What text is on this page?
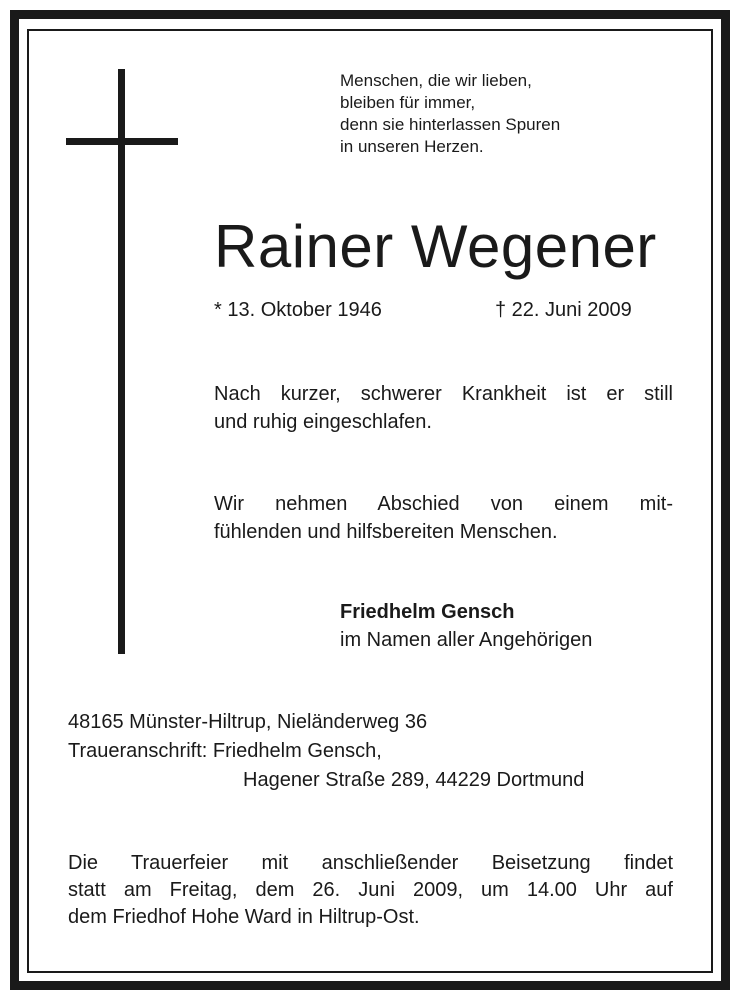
Menschen, die wir lieben,
bleiben für immer,
denn sie hinterlassen Spuren
in unseren Herzen.
Rainer Wegener
* 13. Oktober 1946	† 22. Juni 2009
Nach kurzer, schwerer Krankheit ist er still
und ruhig eingeschlafen.
Wir nehmen Abschied von einem mit-
fühlenden und hilfsbereiten Menschen.
Friedhelm Gensch
im Namen aller Angehörigen
48165 Münster-Hiltrup, Nieländerweg 36
Traueranschrift: Friedhelm Gensch,
Hagener Straße 289, 44229 Dortmund
Die Trauerfeier mit anschließender Beisetzung findet
statt am Freitag, dem 26. Juni 2009, um 14.00 Uhr auf
dem Friedhof Hohe Ward in Hiltrup-Ost.
